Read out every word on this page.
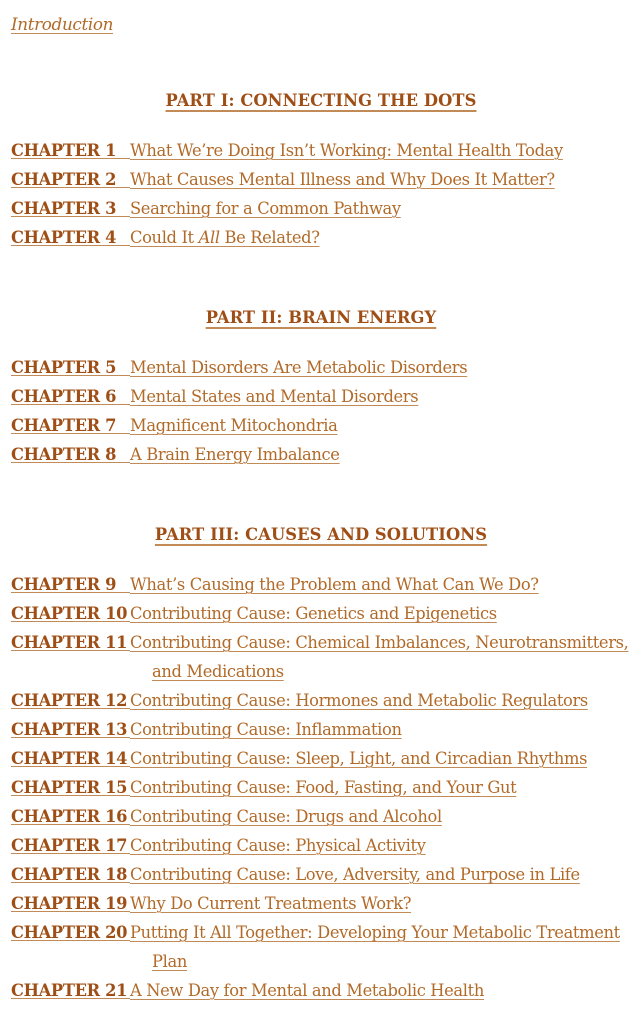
Introduction
PART I: CONNECTING THE DOTS
CHAPTER 1 What We’re Doing Isn’t Working: Mental Health Today
CHAPTER 2 What Causes Mental Illness and Why Does It Matter?
CHAPTER 3 Searching for a Common Pathway
CHAPTER 4 Could It All Be Related?
PART II: BRAIN ENERGY
CHAPTER 5 Mental Disorders Are Metabolic Disorders
CHAPTER 6 Mental States and Mental Disorders
CHAPTER 7 Magnificent Mitochondria
CHAPTER 8 A Brain Energy Imbalance
PART III: CAUSES AND SOLUTIONS
CHAPTER 9 What’s Causing the Problem and What Can We Do?
CHAPTER 10 Contributing Cause: Genetics and Epigenetics
CHAPTER 11 Contributing Cause: Chemical Imbalances, Neurotransmitters,
and Medications
CHAPTER 12 Contributing Cause: Hormones and Metabolic Regulators
CHAPTER 13 Contributing Cause: Inflammation
CHAPTER 14 Contributing Cause: Sleep, Light, and Circadian Rhythms
CHAPTER 15 Contributing Cause: Food, Fasting, and Your Gut
CHAPTER 16 Contributing Cause: Drugs and Alcohol
CHAPTER 17 Contributing Cause: Physical Activity
CHAPTER 18 Contributing Cause: Love, Adversity, and Purpose in Life
CHAPTER 19 Why Do Current Treatments Work?
CHAPTER 20 Putting It All Together: Developing Your Metabolic Treatment
Plan
CHAPTER 21 A New Day for Mental and Metabolic Health
